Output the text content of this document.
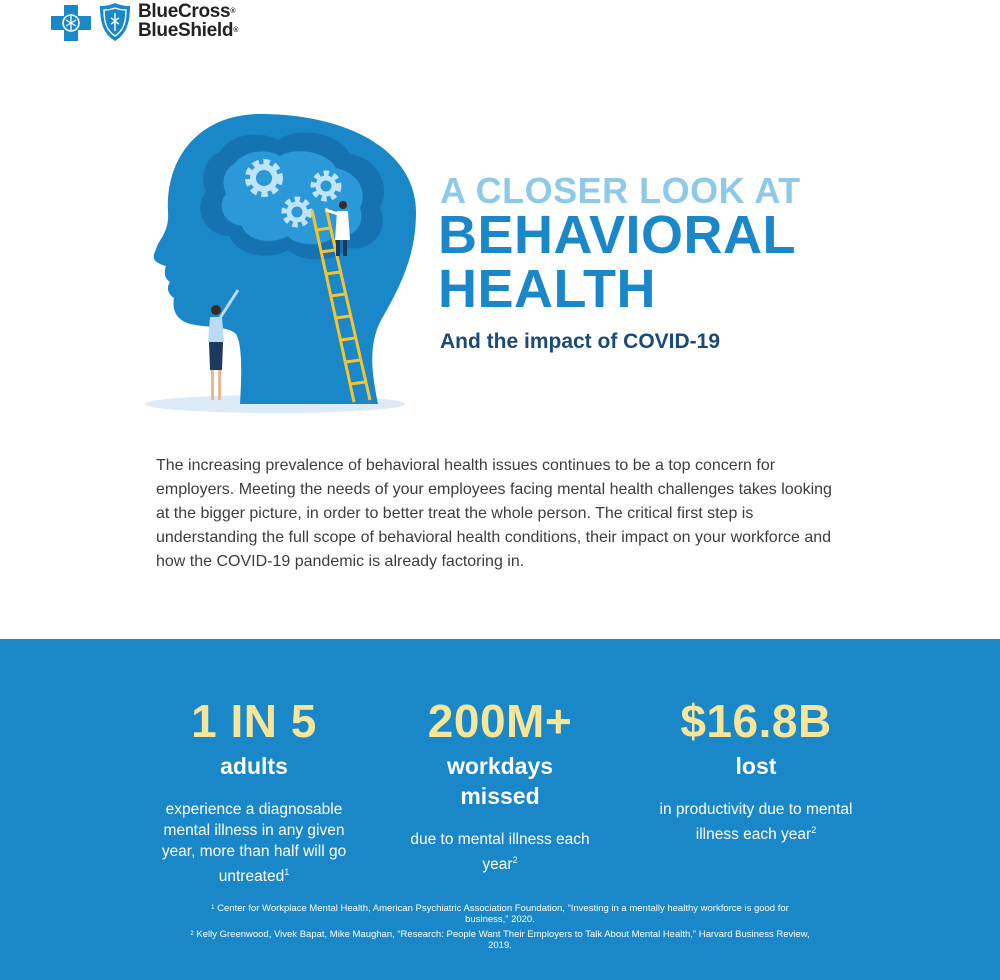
BlueCross®
BlueShield®
A CLOSER LOOK AT
BEHAVIORAL
HEALTH
And the impact of COVID-19

The increasing prevalence of behavioral health issues continues to be a top concern for employers. Meeting the needs of your employees facing mental health challenges takes looking at the bigger picture, in order to better treat the whole person. The critical first step is understanding the full scope of behavioral health conditions, their impact on your workforce and how the COVID-19 pandemic is already factoring in.

1 IN 5
adults
experience a diagnosable mental illness in any given year, more than half will go untreated$^1$
200M+
workdays
missed
due to mental illness each year$^2$
$16.8B
lost
in productivity due to mental illness each year$^2$

$^1$ Center for Workplace Mental Health, American Psychiatric Association Foundation, “Investing in a mentally healthy workforce is good for business,” 2020.

$^2$ Kelly Greenwood, Vivek Bapat, Mike Maughan, “Research: People Want Their Employers to Talk About Mental Health,” Harvard Business Review, 2019.
